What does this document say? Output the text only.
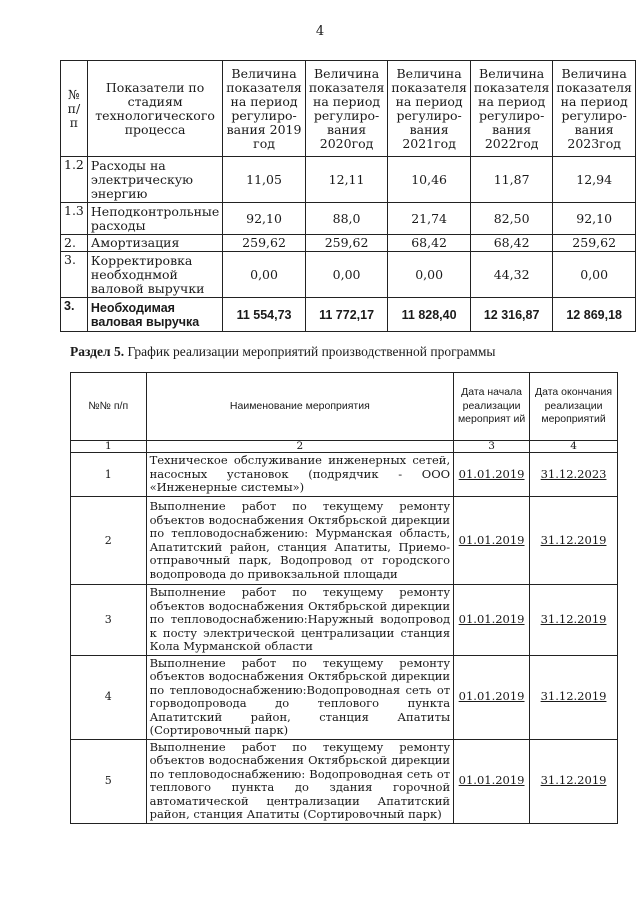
4
№ п/п	Показатели по стадиям технологического процесса	Величина показателя на период регулиро-вания 2019 год	Величина показателя на период регулиро-вания 2020год	Величина показателя на период регулиро-вания 2021год	Величина показателя на период регулиро-вания 2022год	Величина показателя на период регулиро-вания 2023год
1.2	Расходы на электрическую энергию	11,05	12,11	10,46	11,87	12,94
1.3	Неподконтрольные расходы	92,10	88,0	21,74	82,50	92,10
2.	Амортизация	259,62	259,62	68,42	68,42	259,62
3.	Корректировка необходнмой валовой выручки	0,00	0,00	0,00	44,32	0,00
3.	Необходимая валовая выручка	11 554,73	11 772,17	11 828,40	12 316,87	12 869,18
Раздел 5. График реализации мероприятий производственной программы
№№ п/п	Наименование мероприятия	Дата начала реализации мероприят ий	Дата окончания реализации мероприятий
1	2	3	4
1	Техническое обслуживание инженерных сетей, насосных установок (подрядчик - ООО «Инженерные системы»)	01.01.2019	31.12.2023
2	Выполнение работ по текущему ремонту объектов водоснабжения Октябрьской дирекции по тепловодоснабжению: Мурманская область, Апатитский район, станция Апатиты, Приемо-отправочный парк, Водопровод от городского водопровода до привокзальной площади	01.01.2019	31.12.2019
3	Выполнение работ по текущему ремонту объектов водоснабжения Октябрьской дирекции по тепловодоснабжению:Наружный водопровод к посту электрической централизации станция Кола Мурманской области	01.01.2019	31.12.2019
4	Выполнение работ по текущему ремонту объектов водоснабжения Октябрьской дирекции по тепловодоснабжению:Водопроводная сеть от горводопровода до теплового пункта Апатитский район, станция Апатиты (Сортировочный парк)	01.01.2019	31.12.2019
5	Выполнение работ по текущему ремонту объектов водоснабжения Октябрьской дирекции по тепловодоснабжению: Водопроводная сеть от теплового пункта до здания горочной автоматической централизации Апатитский район, станция Апатиты (Сортировочный парк)	01.01.2019	31.12.2019
